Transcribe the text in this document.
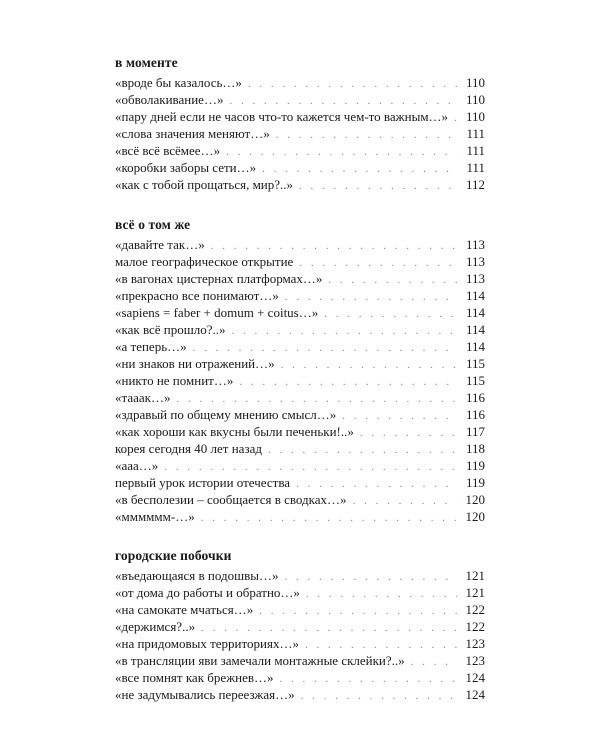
в моменте
«вроде бы казалось…» . . .	110
«обволакивание…» . . .	110
«пару дней если не часов что-то кажется чем-то важным…» . . . 110
«слова значения меняют…» . . .	111
«всё всё всёмее…» . . .	111
«коробки заборы сети…» . . .	111
«как с тобой прощаться, мир?..» . . .	112
всё о том же
«давайте так…» . . .	113
малое географическое открытие . . .	113
«в вагонах цистернах платформах…» . . .	113
«прекрасно все понимают…» . . .	114
«sapiens = faber + domum + coitus…» . . .	114
«как всё прошло?..» . . .	114
«а теперь…» . . .	114
«ни знаков ни отражений…» . . .	115
«никто не помнит…» . . .	115
«тааак…» . . .	116
«здравый по общему мнению смысл…» . . .	116
«как хороши как вкусны были печеньки!..» . . .	117
корея сегодня 40 лет назад . . .	118
«ааа…» . . .	119
первый урок истории отечества . . .	119
«в бесполезии – сообщается в сводках…» . . .	120
«мммммм-…» . . .	120
городские побочки
«въедающаяся в подошвы…» . . .	121
«от дома до работы и обратно…» . . .	121
«на самокате мчаться…» . . .	122
«держимся?..» . . .	122
«на придомовых территориях…» . . .	123
«в трансляции яви замечали монтажные склейки?..» . . .	123
«все помнят как брежнев…» . . .	124
«не задумывались переезжая…» . . .	124
